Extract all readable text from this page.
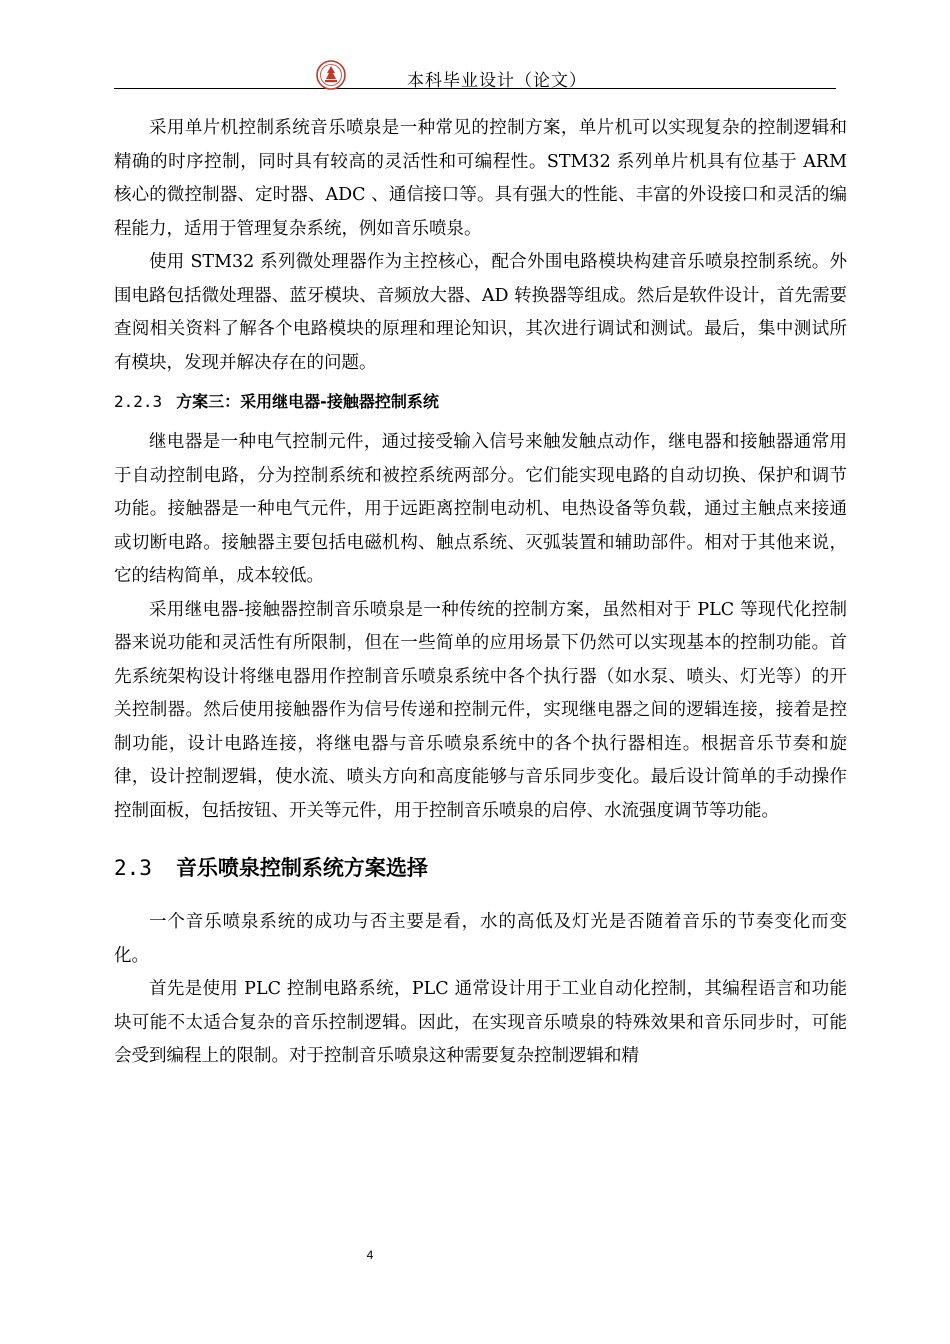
本科毕业设计（论文）

采用单片机控制系统音乐喷泉是一种常见的控制方案，单片机可以实现复杂的控制逻辑和精确的时序控制，同时具有较高的灵活性和可编程性。STM32 系列单片机具有位基于 ARM 核心的微控制器、定时器、ADC 、通信接口等。具有强大的性能、丰富的外设接口和灵活的编程能力，适用于管理复杂系统，例如音乐喷泉。

使用 STM32 系列微处理器作为主控核心，配合外围电路模块构建音乐喷泉控制系统。外围电路包括微处理器、蓝牙模块、音频放大器、AD 转换器等组成。然后是软件设计，首先需要查阅相关资料了解各个电路模块的原理和理论知识，其次进行调试和测试。最后，集中测试所有模块，发现并解决存在的问题。

2.2.3 方案三：采用继电器-接触器控制系统

继电器是一种电气控制元件，通过接受输入信号来触发触点动作，继电器和接触器通常用于自动控制电路，分为控制系统和被控系统两部分。它们能实现电路的自动切换、保护和调节功能。接触器是一种电气元件，用于远距离控制电动机、电热设备等负载，通过主触点来接通或切断电路。接触器主要包括电磁机构、触点系统、灭弧装置和辅助部件。相对于其他来说，它的结构简单，成本较低。

采用继电器-接触器控制音乐喷泉是一种传统的控制方案，虽然相对于 PLC 等现代化控制器来说功能和灵活性有所限制，但在一些简单的应用场景下仍然可以实现基本的控制功能。首先系统架构设计将继电器用作控制音乐喷泉系统中各个执行器（如水泵、喷头、灯光等）的开关控制器。然后使用接触器作为信号传递和控制元件，实现继电器之间的逻辑连接，接着是控制功能，设计电路连接，将继电器与音乐喷泉系统中的各个执行器相连。根据音乐节奏和旋律，设计控制逻辑，使水流、喷头方向和高度能够与音乐同步变化。最后设计简单的手动操作控制面板，包括按钮、开关等元件，用于控制音乐喷泉的启停、水流强度调节等功能。

2.3 音乐喷泉控制系统方案选择

一个音乐喷泉系统的成功与否主要是看，水的高低及灯光是否随着音乐的节奏变化而变化。

首先是使用 PLC 控制电路系统，PLC 通常设计用于工业自动化控制，其编程语言和功能块可能不太适合复杂的音乐控制逻辑。因此，在实现音乐喷泉的特殊效果和音乐同步时，可能会受到编程上的限制。对于控制音乐喷泉这种需要复杂控制逻辑和精

4
